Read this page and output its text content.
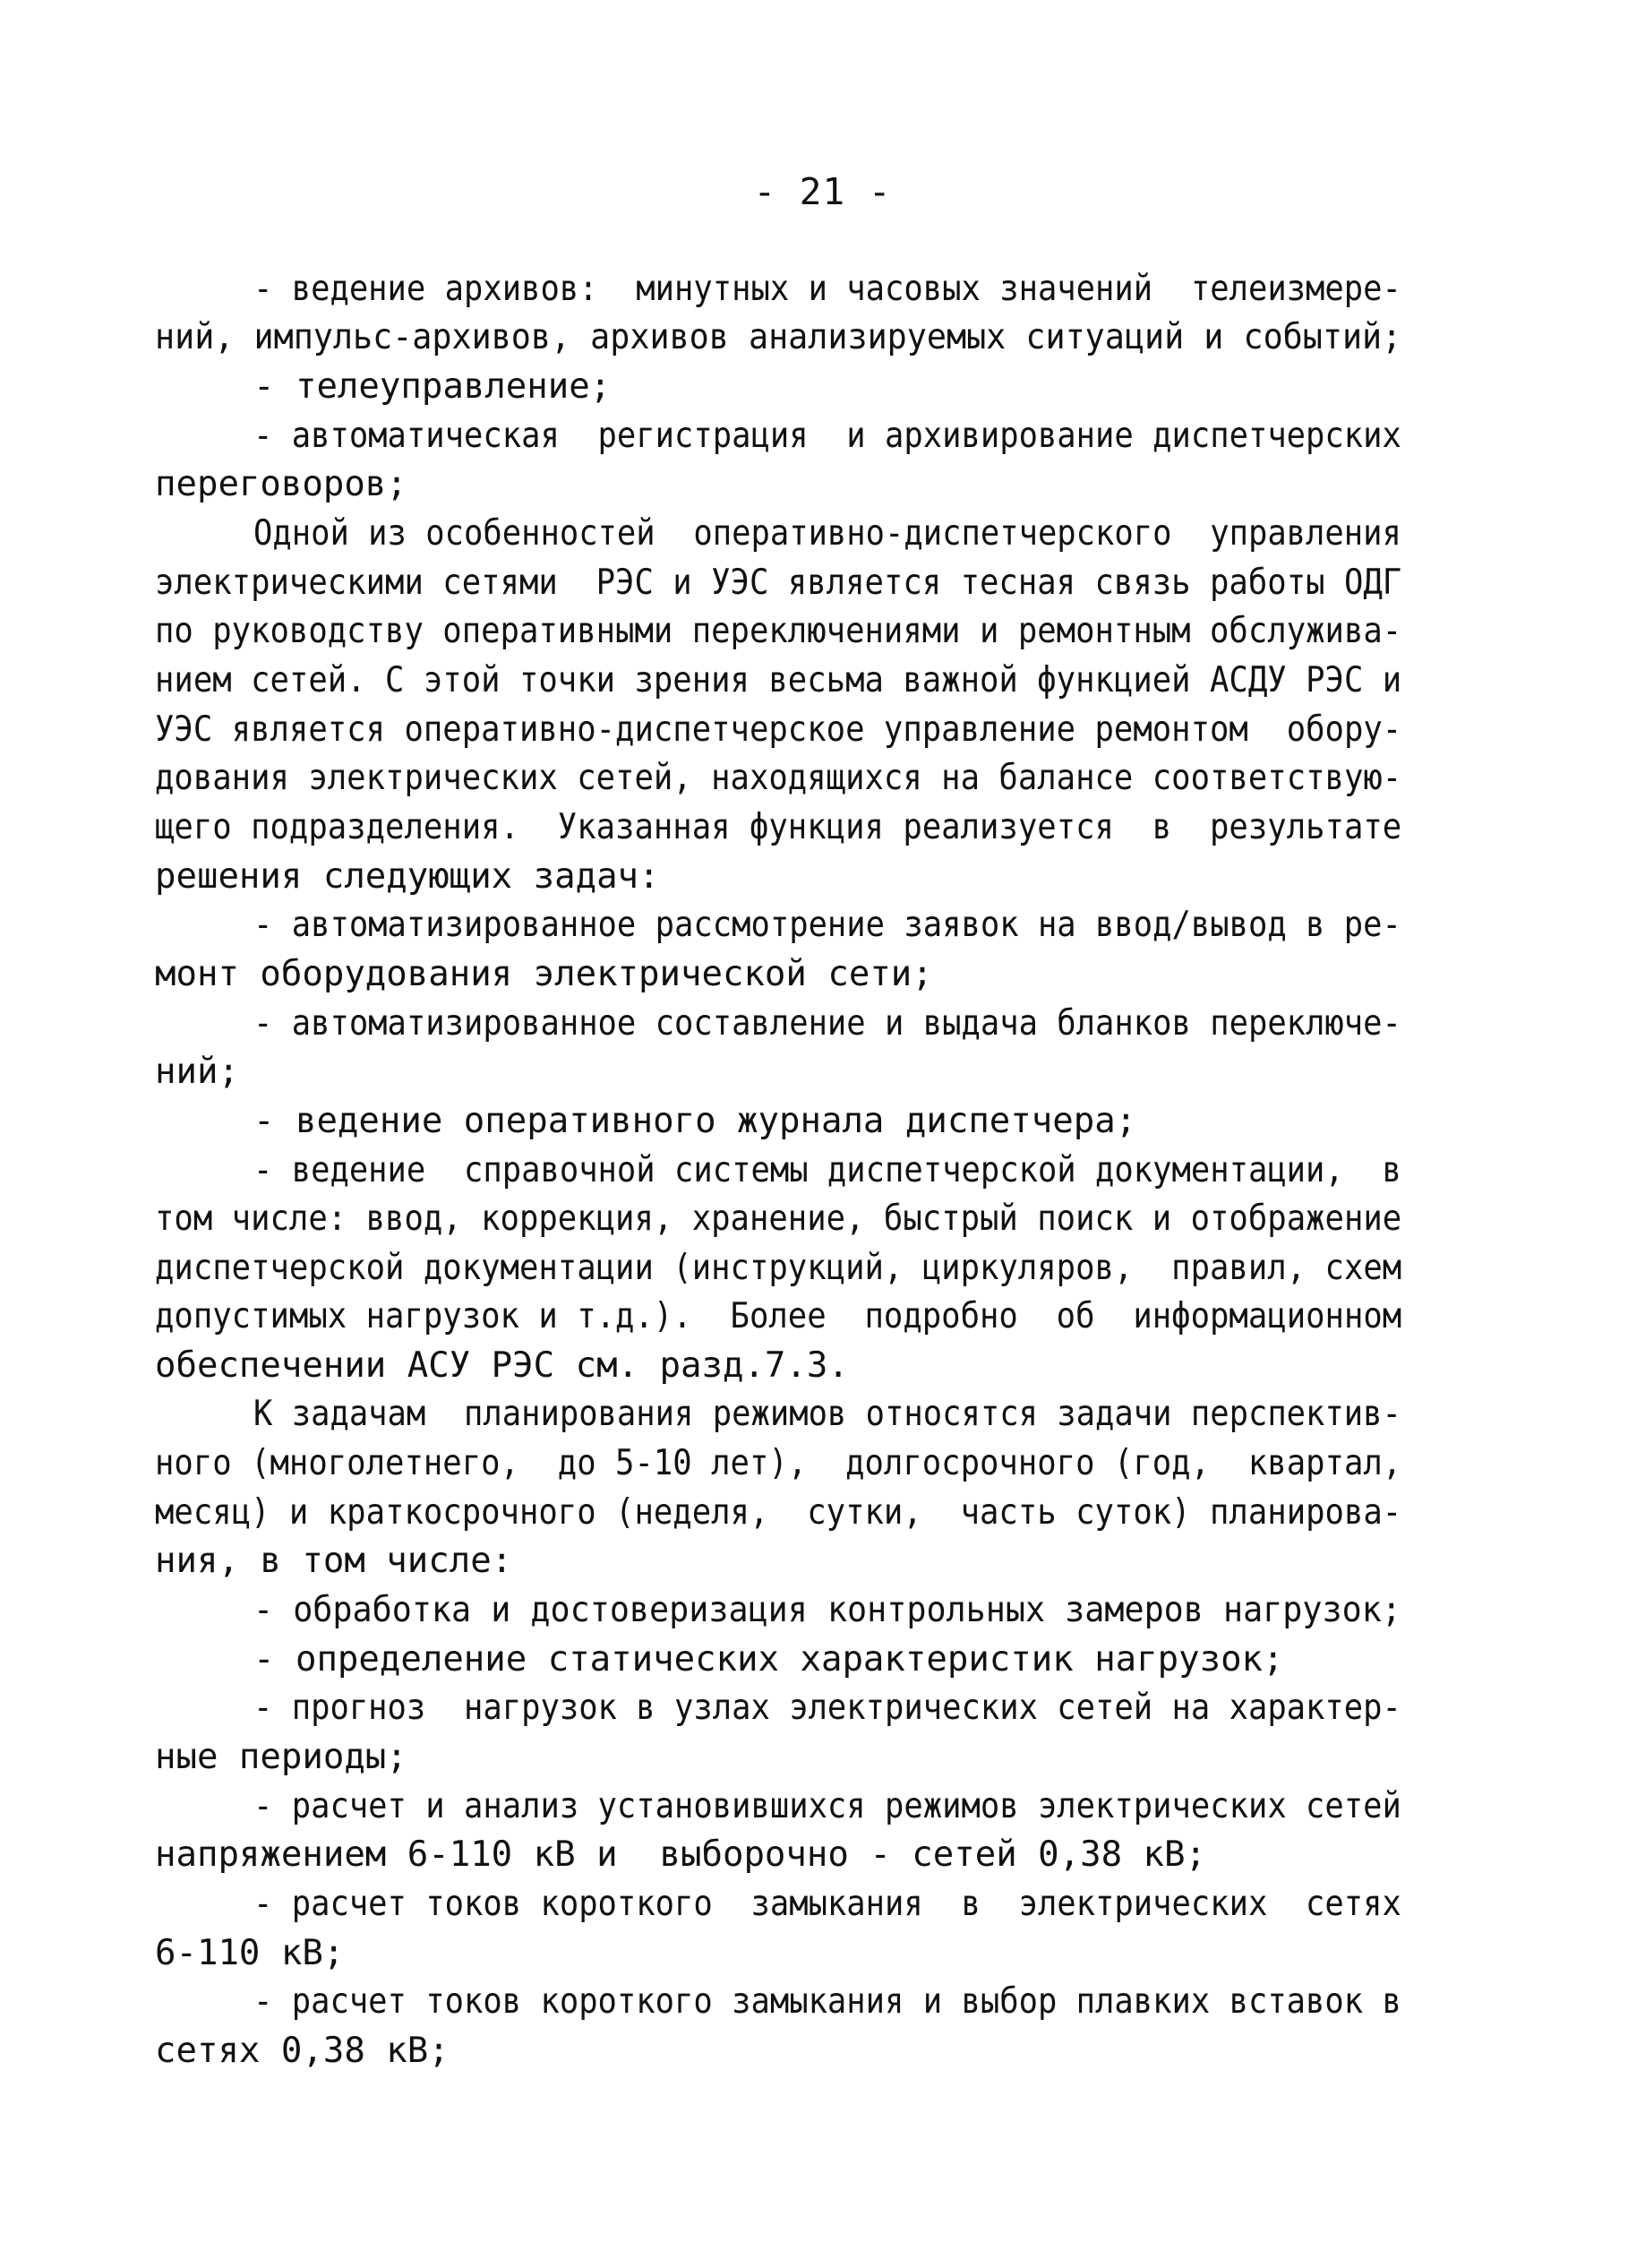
- 21 -
- ведение архивов:  минутных и часовых значений  телеизмере-
ний, импульс-архивов, архивов анализируемых ситуаций и событий;
- телеуправление;
- автоматическая  регистрация  и архивирование диспетчерских
переговоров;
Одной из особенностей  оперативно-диспетчерского  управления
электрическими сетями  РЭС и УЭС является тесная связь работы ОДГ
по руководству оперативными переключениями и ремонтным обслужива-
нием сетей. С этой точки зрения весьма важной функцией АСДУ РЭС и
УЭС является оперативно-диспетчерское управление ремонтом  обору-
дования электрических сетей, находящихся на балансе соответствую-
щего подразделения.  Указанная функция реализуется  в  результате
решения следующих задач:
- автоматизированное рассмотрение заявок на ввод/вывод в ре-
монт оборудования электрической сети;
- автоматизированное составление и выдача бланков переключе-
ний;
- ведение оперативного журнала диспетчера;
- ведение  справочной системы диспетчерской документации,  в
том числе: ввод, коррекция, хранение, быстрый поиск и отображение
диспетчерской документации (инструкций, циркуляров,  правил, схем
допустимых нагрузок и т.д.).  Более  подробно  об  информационном
обеспечении АСУ РЭС см. разд.7.3.
К задачам  планирования режимов относятся задачи перспектив-
ного (многолетнего,  до 5-10 лет),  долгосрочного (год,  квартал,
месяц) и краткосрочного (неделя,  сутки,  часть суток) планирова-
ния, в том числе:
- обработка и достоверизация контрольных замеров нагрузок;
- определение статических характеристик нагрузок;
- прогноз  нагрузок в узлах электрических сетей на характер-
ные периоды;
- расчет и анализ установившихся режимов электрических сетей
напряжением 6-110 кВ и  выборочно - сетей 0,38 кВ;
- расчет токов короткого  замыкания  в  электрических  сетях
6-110 кВ;
- расчет токов короткого замыкания и выбор плавких вставок в
сетях 0,38 кВ;
